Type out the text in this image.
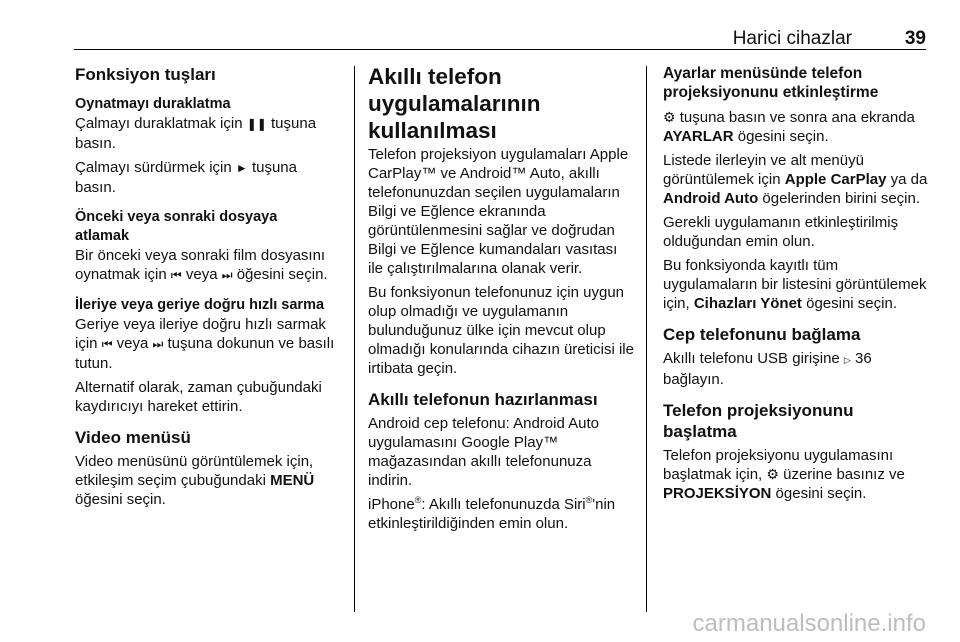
Harici cihazlar	39
Fonksiyon tuşları
Oynatmayı duraklatma

Çalmayı duraklatmak için ❚❚ tuşuna basın.

Çalmayı sürdürmek için ► tuşuna basın.

Önceki veya sonraki dosyaya
atlamak

Bir önceki veya sonraki film dosyasını oynatmak için ⏮ veya ⏭ öğesini seçin.

İleriye veya geriye doğru hızlı sarma

Geriye veya ileriye doğru hızlı sarmak için ⏮ veya ⏭ tuşuna dokunun ve basılı tutun.

Alternatif olarak, zaman çubuğundaki kaydırıcıyı hareket ettirin.

Video menüsü

Video menüsünü görüntülemek için, etkileşim seçim çubuğundaki MENÜ öğesini seçin.

Akıllı telefon
uygulamalarının
kullanılması

Telefon projeksiyon uygulamaları Apple CarPlay™ ve Android™ Auto, akıllı telefonunuzdan seçilen uygulamaların Bilgi ve Eğlence ekranında görüntülenmesini sağlar ve doğrudan Bilgi ve Eğlence kumandaları vasıtası ile çalıştırılmalarına olanak verir.

Bu fonksiyonun telefonunuz için uygun olup olmadığı ve uygulamanın bulunduğunuz ülke için mevcut olup olmadığı konularında cihazın üreticisi ile irtibata geçin.

Akıllı telefonun hazırlanması

Android cep telefonu: Android Auto uygulamasını Google Play™ mağazasından akıllı telefonunuza indirin.

iPhone®: Akıllı telefonunuzda Siri®'nin etkinleştirildiğinden emin olun.

Ayarlar menüsünde telefon
projeksiyonunu etkinleştirme

⚙ tuşuna basın ve sonra ana ekranda AYARLAR ögesini seçin.

Listede ilerleyin ve alt menüyü görüntülemek için Apple CarPlay ya da Android Auto ögelerinden birini seçin.

Gerekli uygulamanın etkinleştirilmiş olduğundan emin olun.

Bu fonksiyonda kayıtlı tüm uygulamaların bir listesini görüntülemek için, Cihazları Yönet ögesini seçin.

Cep telefonunu bağlama

Akıllı telefonu USB girişine ▷ 36 bağlayın.

Telefon projeksiyonunu başlatma

Telefon projeksiyonu uygulamasını başlatmak için, ⚙ üzerine basınız ve PROJEKSİYON ögesini seçin.

carmanualsonline.info
